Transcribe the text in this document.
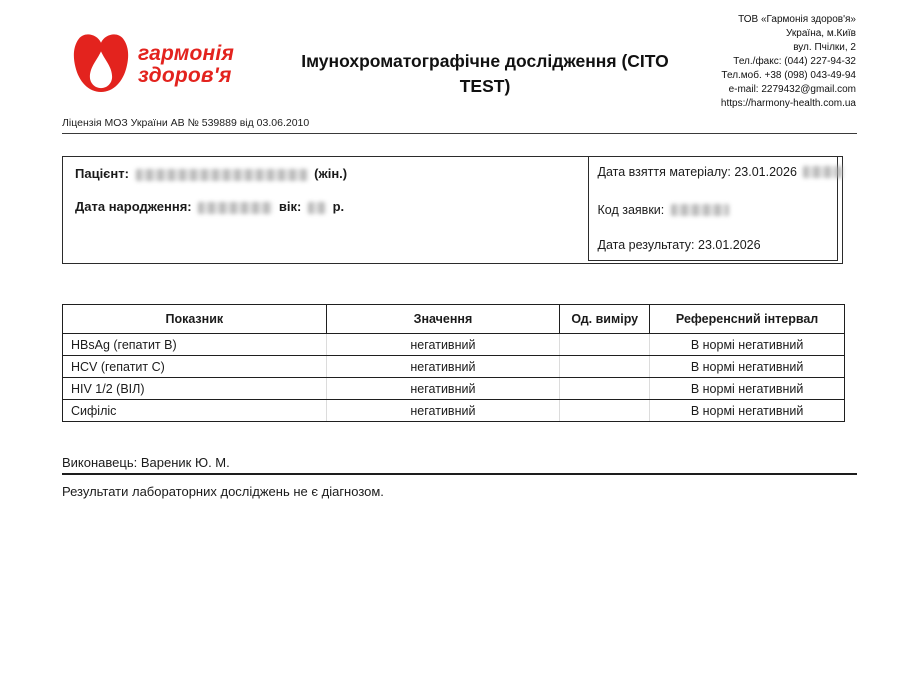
гармонія
здоров'я
Імунохроматографічне дослідження (CITO TEST)
ТОВ «Гармонія здоров'я»
Україна, м.Київ
вул. Пчілки, 2
Тел./факс: (044) 227-94-32
Тел.моб. +38 (098) 043-49-94
e-mail: 2279432@gmail.com
https://harmony-health.com.ua
Ліцензія МОЗ України АВ № 539889 від 03.06.2010
Пацієнт:	(жін.)
Дата народження:	вік: р.
Дата взяття матеріалу: 23.01.2026
Код заявки:
Дата результату: 23.01.2026
Показник	Значення	Од. виміру	Референсний інтервал
HBsAg (гепатит B)	негативний		В нормі негативний
HCV (гепатит C)	негативний		В нормі негативний
HIV 1/2 (ВІЛ)	негативний		В нормі негативний
Сифіліс	негативний		В нормі негативний
Виконавець: Вареник Ю. М.
Результати лабораторних досліджень не є діагнозом.
